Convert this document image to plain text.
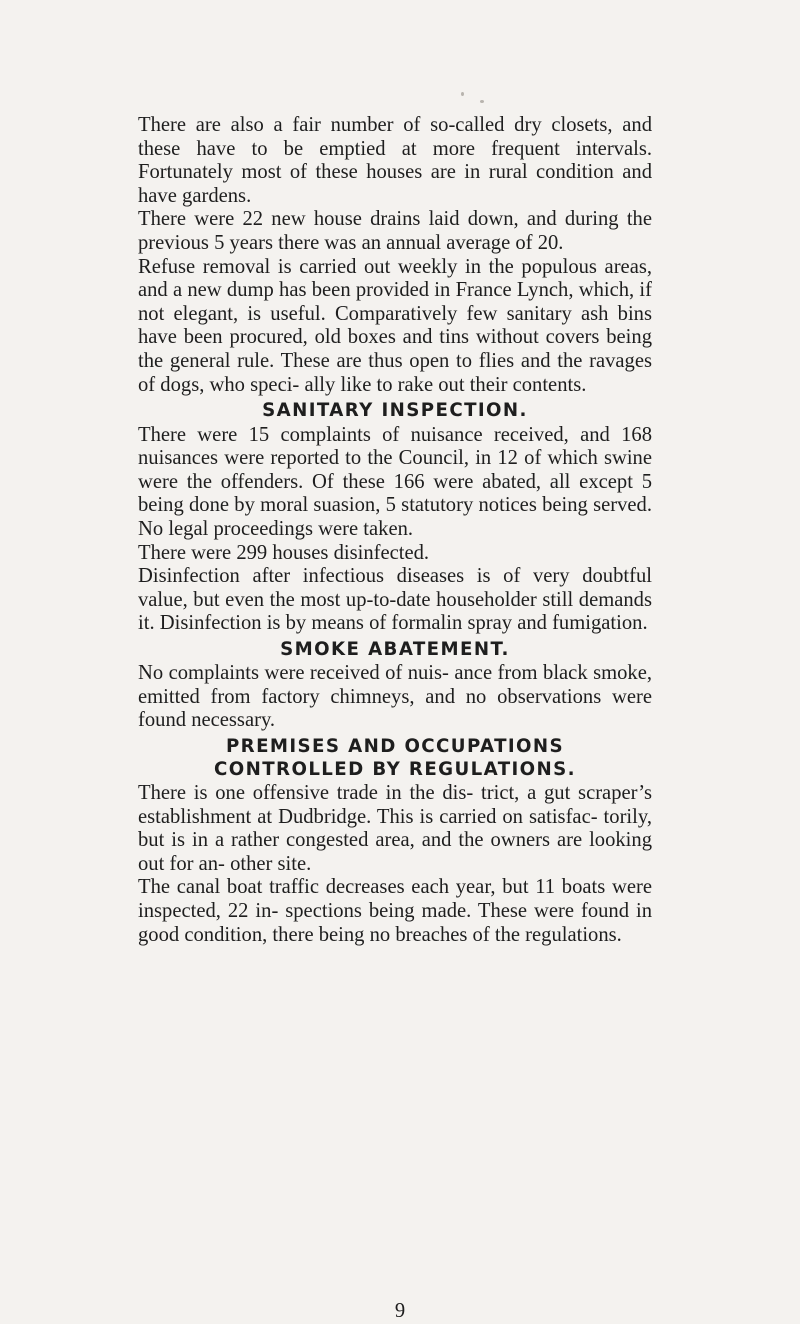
There are also a fair number of so-called dry closets, and these have to be emptied at more frequent intervals. Fortunately most of these houses are in rural condition and have gardens.

There were 22 new house drains laid down, and during the previous 5 years there was an annual average of 20.

Refuse removal is carried out weekly in the populous areas, and a new dump has been provided in France Lynch, which, if not elegant, is useful. Comparatively few sanitary ash bins have been procured, old boxes and tins without covers being the general rule. These are thus open to flies and the ravages of dogs, who speci- ally like to rake out their contents.

SANITARY INSPECTION.

There were 15 complaints of nuisance received, and 168 nuisances were reported to the Council, in 12 of which swine were the offenders. Of these 166 were abated, all except 5 being done by moral suasion, 5 statutory notices being served. No legal proceedings were taken.

There were 299 houses disinfected.

Disinfection after infectious diseases is of very doubtful value, but even the most up-to-date householder still demands it. Disinfection is by means of formalin spray and fumigation.

SMOKE ABATEMENT.

No complaints were received of nuis- ance from black smoke, emitted from factory chimneys, and no observations were found necessary.

PREMISES AND OCCUPATIONS
CONTROLLED BY REGULATIONS.

There is one offensive trade in the dis- trict, a gut scraper’s establishment at Dudbridge. This is carried on satisfac- torily, but is in a rather congested area, and the owners are looking out for an- other site.

The canal boat traffic decreases each year, but 11 boats were inspected, 22 in- spections being made. These were found in good condition, there being no breaches of the regulations.

9
